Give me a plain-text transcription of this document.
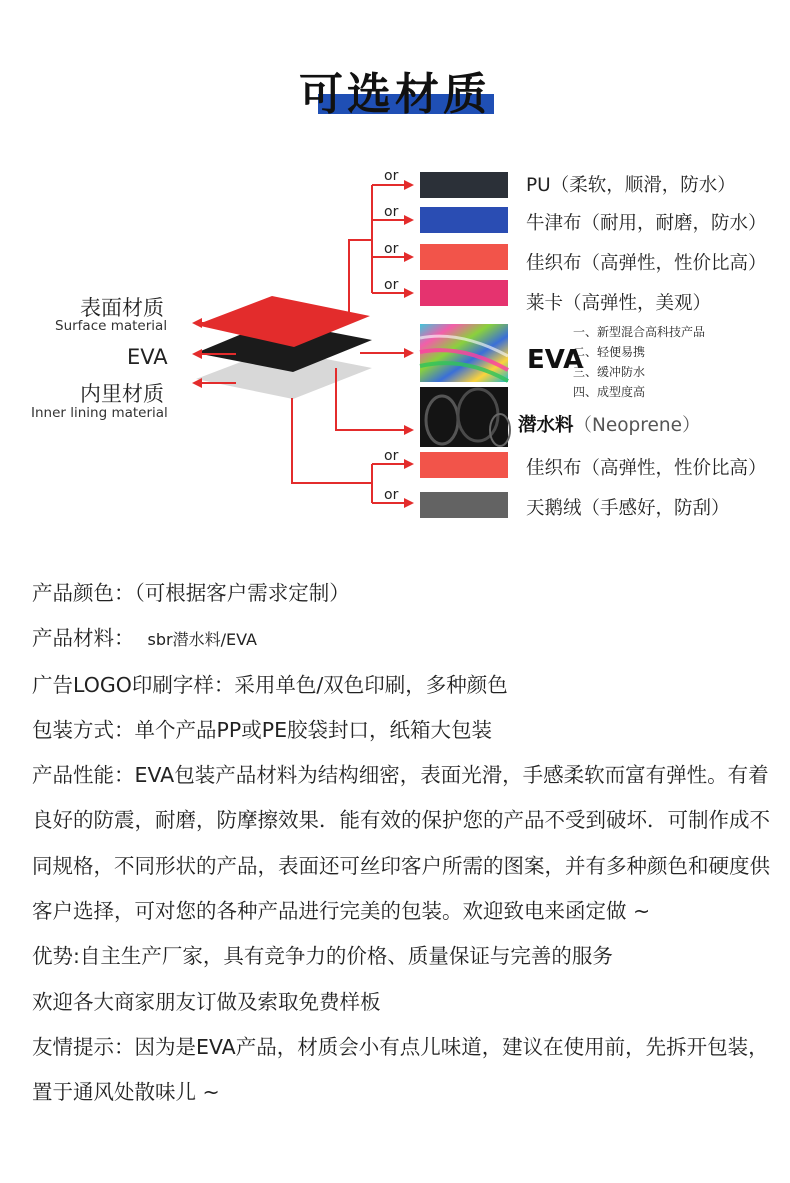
可选材质
表面材质
Surface material
EVA
内里材质
Inner lining material
or
or
or
or
or
or
PU（柔软，顺滑，防水）
牛津布（耐用，耐磨，防水）
佳织布（高弹性，性价比高）
莱卡（高弹性，美观）
EVA
一、新型混合高科技产品
二、轻便易携
三、缓冲防水
四、成型度高
潜水料（Neoprene）
佳织布（高弹性，性价比高）
天鹅绒（手感好，防刮）

产品颜色：（可根据客户需求定制）

产品材料： sbr潜水料/EVA

广告LOGO印刷字样：采用单色/双色印刷，多种颜色

包装方式：单个产品PP或PE胶袋封口，纸箱大包装

产品性能：EVA包装产品材料为结构细密，表面光滑，手感柔软而富有弹性。有着良好的防震，耐磨，防摩擦效果．能有效的保护您的产品不受到破坏．可制作成不同规格，不同形状的产品，表面还可丝印客户所需的图案，并有多种颜色和硬度供客户选择，可对您的各种产品进行完美的包装。欢迎致电来函定做 ~

优势:自主生产厂家，具有竞争力的价格、质量保证与完善的服务

欢迎各大商家朋友订做及索取免费样板

友情提示：因为是EVA产品，材质会小有点儿味道，建议在使用前，先拆开包装，置于通风处散味儿 ~
